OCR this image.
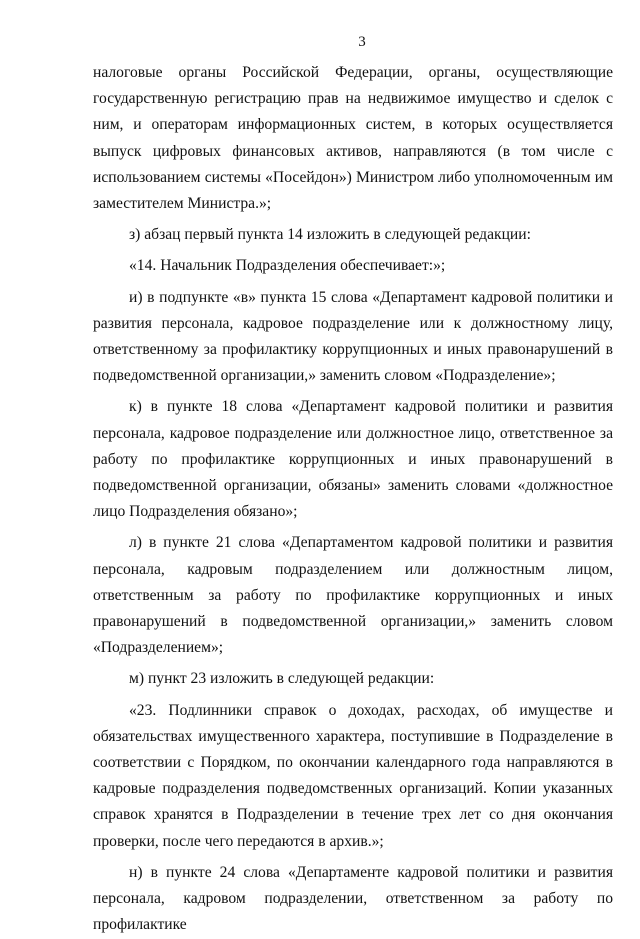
3

налоговые органы Российской Федерации, органы, осуществляющие государственную регистрацию прав на недвижимое имущество и сделок с ним, и операторам информационных систем, в которых осуществляется выпуск цифровых финансовых активов, направляются (в том числе с использованием системы «Посейдон») Министром либо уполномоченным им заместителем Министра.»;

з) абзац первый пункта 14 изложить в следующей редакции:

«14. Начальник Подразделения обеспечивает:»;

и) в подпункте «в» пункта 15 слова «Департамент кадровой политики и развития персонала, кадровое подразделение или к должностному лицу, ответственному за профилактику коррупционных и иных правонарушений в подведомственной организации,» заменить словом «Подразделение»;

к) в пункте 18 слова «Департамент кадровой политики и развития персонала, кадровое подразделение или должностное лицо, ответственное за работу по профилактике коррупционных и иных правонарушений в подведомственной организации, обязаны» заменить словами «должностное лицо Подразделения обязано»;

л) в пункте 21 слова «Департаментом кадровой политики и развития персонала, кадровым подразделением или должностным лицом, ответственным за работу по профилактике коррупционных и иных правонарушений в подведомственной организации,» заменить словом «Подразделением»;

м) пункт 23 изложить в следующей редакции:

«23. Подлинники справок о доходах, расходах, об имуществе и обязательствах имущественного характера, поступившие в Подразделение в соответствии с Порядком, по окончании календарного года направляются в кадровые подразделения подведомственных организаций. Копии указанных справок хранятся в Подразделении в течение трех лет со дня окончания проверки, после чего передаются в архив.»;

н) в пункте 24 слова «Департаменте кадровой политики и развития персонала, кадровом подразделении, ответственном за работу по профилактике
